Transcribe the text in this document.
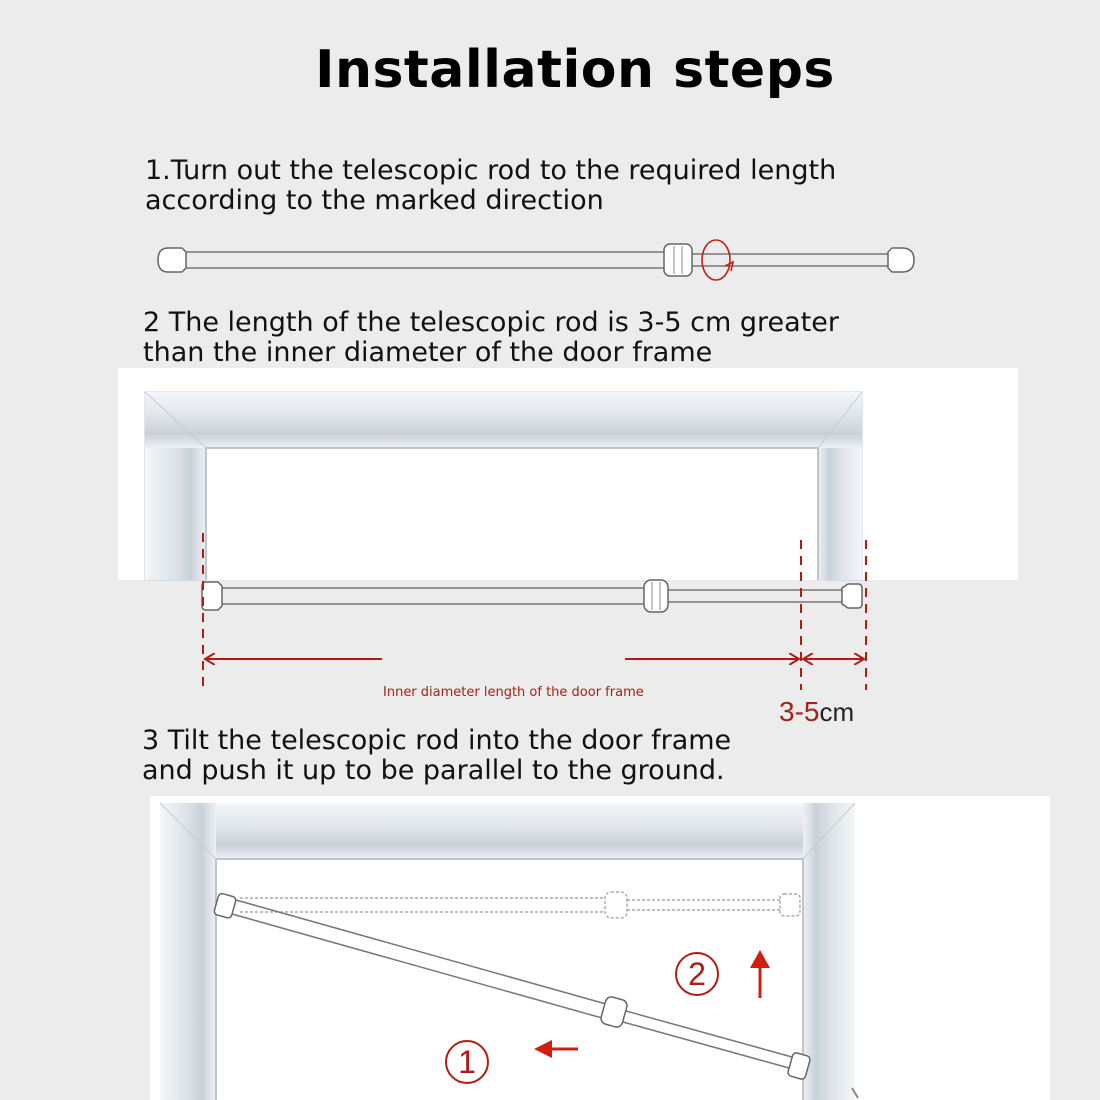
Installation steps
1.Turn out the telescopic rod to the required length
according to the marked direction
2 The length of the telescopic rod is 3-5 cm greater
than the inner diameter of the door frame
3 Tilt the telescopic rod into the door frame
and push it up to be parallel to the ground.
Inner diameter length of the door frame
3-5cm
1
2
